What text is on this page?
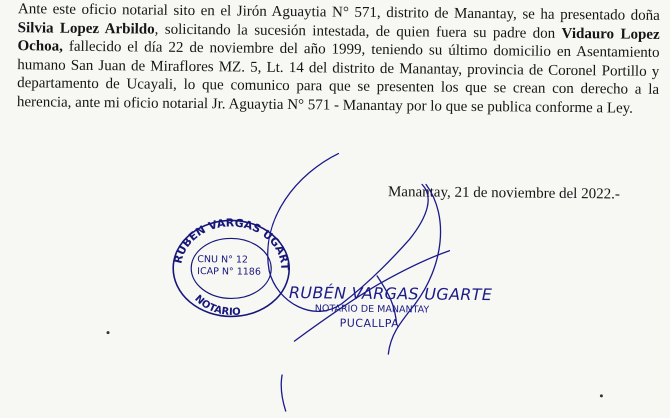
Ante este oficio notarial sito en el Jirón Aguaytia N° 571, distrito de Manantay, se ha presentado doña Silvia Lopez Arbildo, solicitando la sucesión intestada, de quien fuera su padre don Vidauro Lopez Ochoa, fallecido el día 22 de noviembre del año 1999, teniendo su último domicilio en Asentamiento humano San Juan de Miraflores MZ. 5, Lt. 14 del distrito de Manantay, provincia de Coronel Portillo y departamento de Ucayali, lo que comunico para que se presenten los que se crean con derecho a la herencia, ante mi oficio notarial Jr. Aguaytia N° 571 - Manantay por lo que se publica conforme a Ley.
Manantay, 21 de noviembre del 2022.-
RUBEN VARGAS UGARTE
NOTARIO
CNU N° 12
ICAP N° 1186
RUBÉN VARGAS UGARTE
NOTARIO DE MANANTAY
PUCALLPA
